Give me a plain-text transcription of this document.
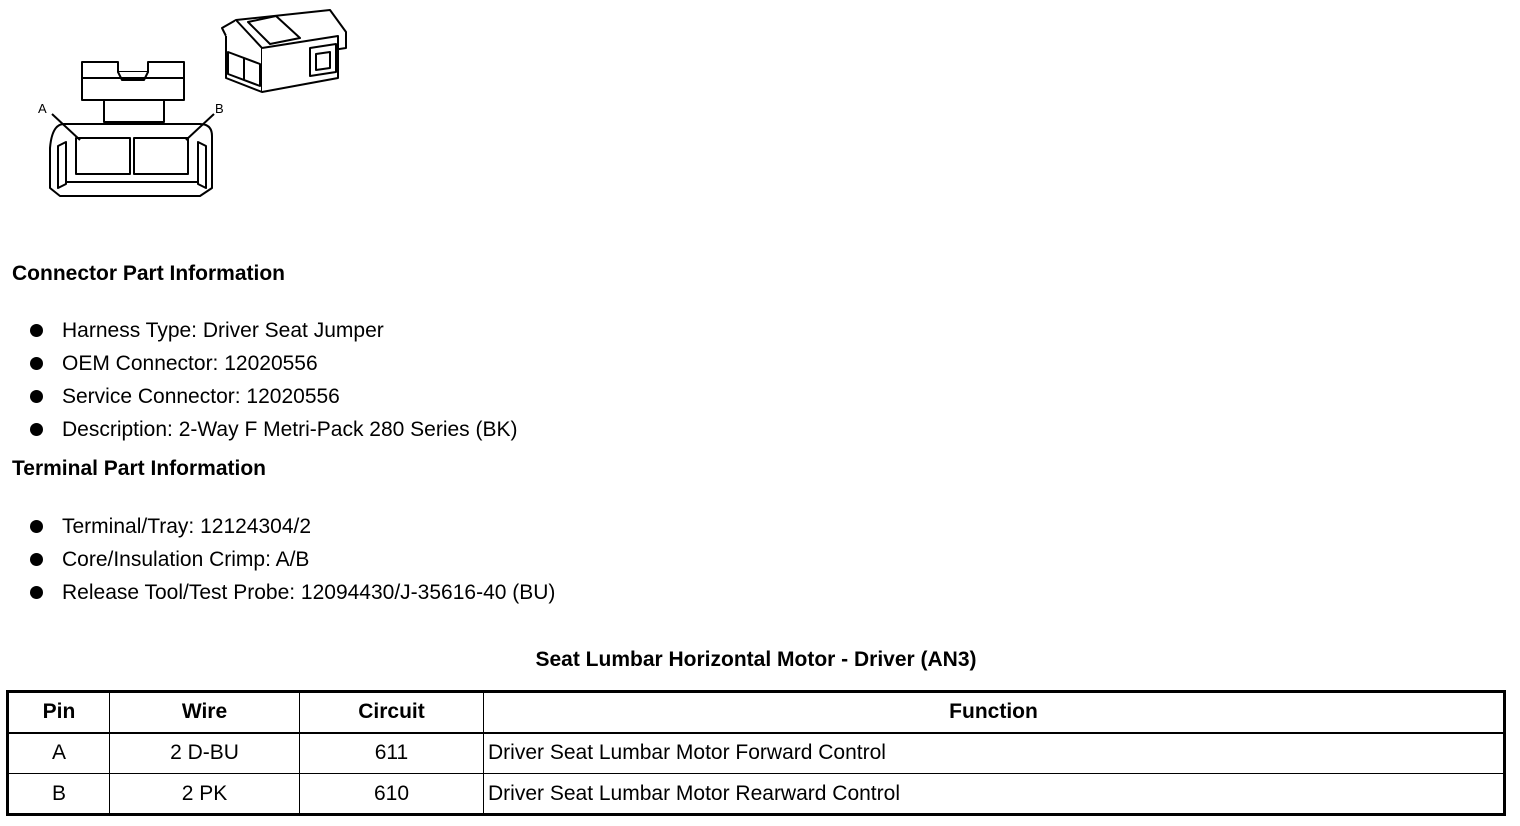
A	B
Connector Part Information
Harness Type: Driver Seat Jumper
OEM Connector: 12020556
Service Connector: 12020556
Description: 2-Way F Metri-Pack 280 Series (BK)
Terminal Part Information
Terminal/Tray: 12124304/2
Core/Insulation Crimp: A/B
Release Tool/Test Probe: 12094430/J-35616-40 (BU)
Seat Lumbar Horizontal Motor - Driver (AN3)
Pin	Wire	Circuit	Function
A	2 D-BU	611	Driver Seat Lumbar Motor Forward Control
B	2 PK	610	Driver Seat Lumbar Motor Rearward Control
